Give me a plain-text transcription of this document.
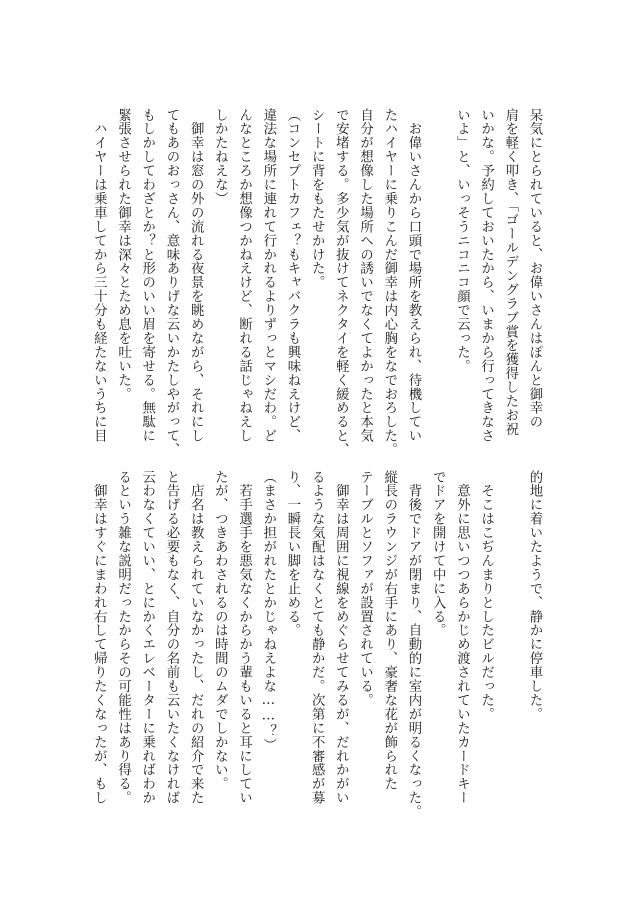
呆気にとられていると、お偉いさんはぽんと御幸の
肩を軽く叩き、「ゴールデングラブ賞を獲得したお祝
いかな。予約しておいたから、いまから行ってきなさ
いよ」と、いっそうニコニコ顔で云った。

　お偉いさんから口頭で場所を教えられ、待機してい
たハイヤーに乗りこんだ御幸は内心胸をなでおろした。
自分が想像した場所への誘いでなくてよかったと本気
で安堵する。多少気が抜けてネクタイを軽く緩めると、
シートに背をもたせかけた。
（コンセプトカフェ？もキャバクラも興味ねえけど、
違法な場所に連れて行かれるよりずっとマシだわ。ど
んなところか想像つかねえけど、断れる話じゃねえし
しかたねえな）
　御幸は窓の外の流れる夜景を眺めながら、それにし
てもあのおっさん、意味ありげな云いかたしやがって、
もしかしてわざとか？と形のいい眉を寄せる。無駄に
緊張させられた御幸は深々とため息を吐いた。
　ハイヤーは乗車してから三十分も経たないうちに目
的地に着いたようで、静かに停車した。

　そこはこぢんまりとしたビルだった。
　意外に思いつつあらかじめ渡されていたカードキー
でドアを開けて中に入る。
　背後でドアが閉まり、自動的に室内が明るくなった。
縦長のラウンジが右手にあり、豪奢な花が飾られた
テーブルとソファが設置されている。
　御幸は周囲に視線をめぐらせてみるが、だれかがい
るような気配はなくとても静かだ。次第に不審感が募
り、一瞬長い脚を止める。
（まさか担がれたとかじゃねえよな……？）
　若手選手を悪気なくからかう輩もいると耳にしてい
たが、つきあわされるのは時間のムダでしかない。
　店名は教えられていなかったし、だれの紹介で来た
と告げる必要もなく、自分の名前も云いたくなければ
云わなくていい、とにかくエレベーターに乗ればわか
るという雑な説明だったからその可能性はあり得る。
　御幸はすぐにまわれ右して帰りたくなったが、もし
